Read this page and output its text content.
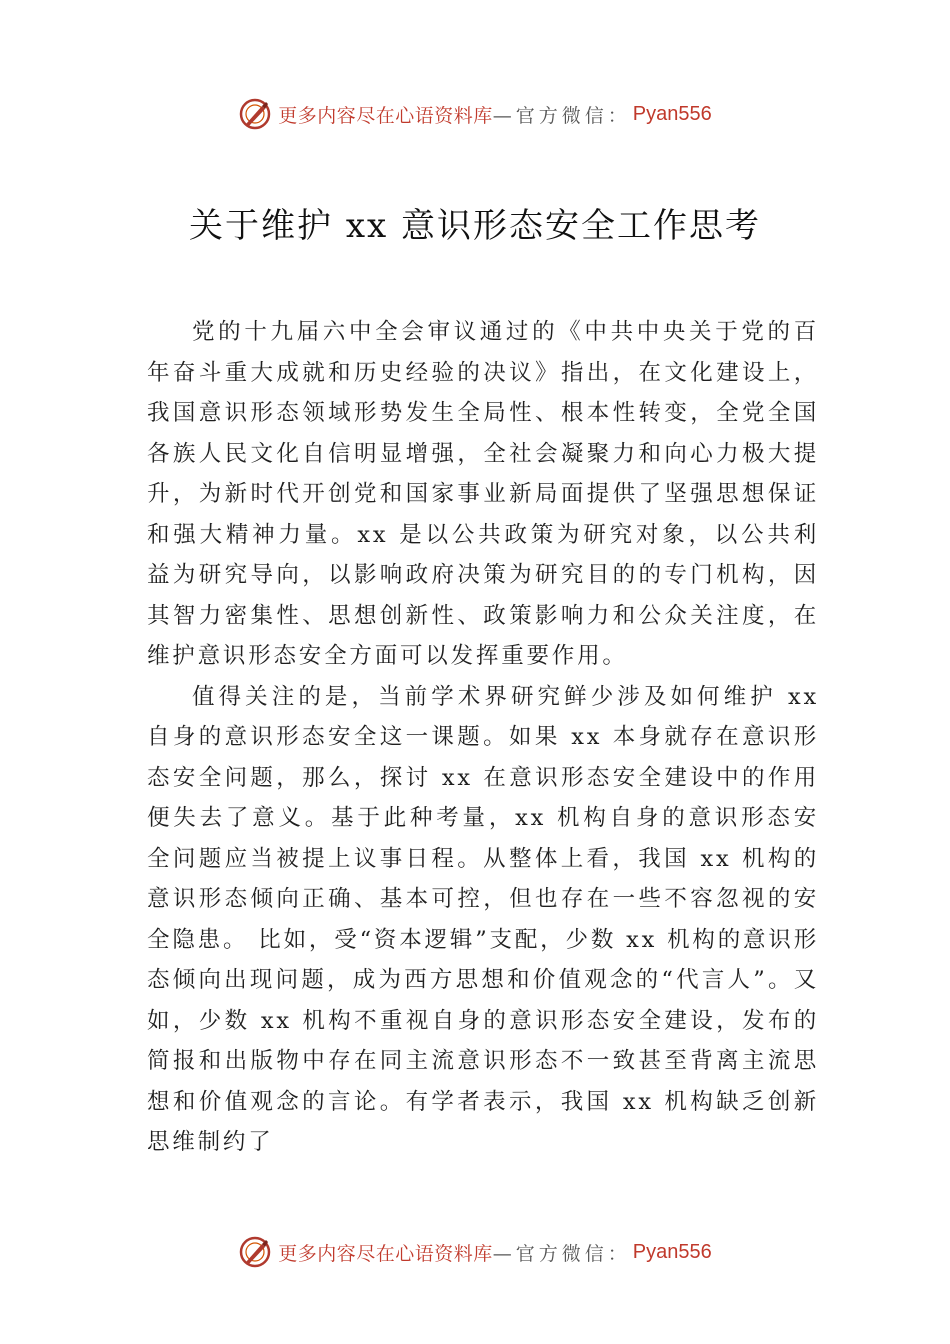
更多内容尽在心语资料库 —官方微信： Pyan556
关于维护 xx 意识形态安全工作思考

党的十九届六中全会审议通过的《中共中央关于党的百年奋斗重大成就和历史经验的决议》指出，在文化建设上， 我国意识形态领域形势发生全局性、根本性转变，全党全国各族人民文化自信明显增强，全社会凝聚力和向心力极大提升，为新时代开创党和国家事业新局面提供了坚强思想保证和强大精神力量。xx 是以公共政策为研究对象，以公共利益为研究导向，以影响政府决策为研究目的的专门机构，因其智力密集性、思想创新性、政策影响力和公众关注度，在维护意识形态安全方面可以发挥重要作用。

值得关注的是，当前学术界研究鲜少涉及如何维护 xx 自身的意识形态安全这一课题。如果 xx 本身就存在意识形态安全问题，那么，探讨 xx 在意识形态安全建设中的作用便失去了意义。基于此种考量，xx 机构自身的意识形态安全问题应当被提上议事日程。从整体上看，我国 xx 机构的意识形态倾向正确、基本可控，但也存在一些不容忽视的安全隐患。 比如，受“资本逻辑”支配，少数 xx 机构的意识形态倾向出现问题，成为西方思想和价值观念的“代言人”。又如，少数 xx 机构不重视自身的意识形态安全建设，发布的简报和出版物中存在同主流意识形态不一致甚至背离主流思想和价值观念的言论。有学者表示，我国 xx 机构缺乏创新思维制约了

更多内容尽在心语资料库 —官方微信： Pyan556
